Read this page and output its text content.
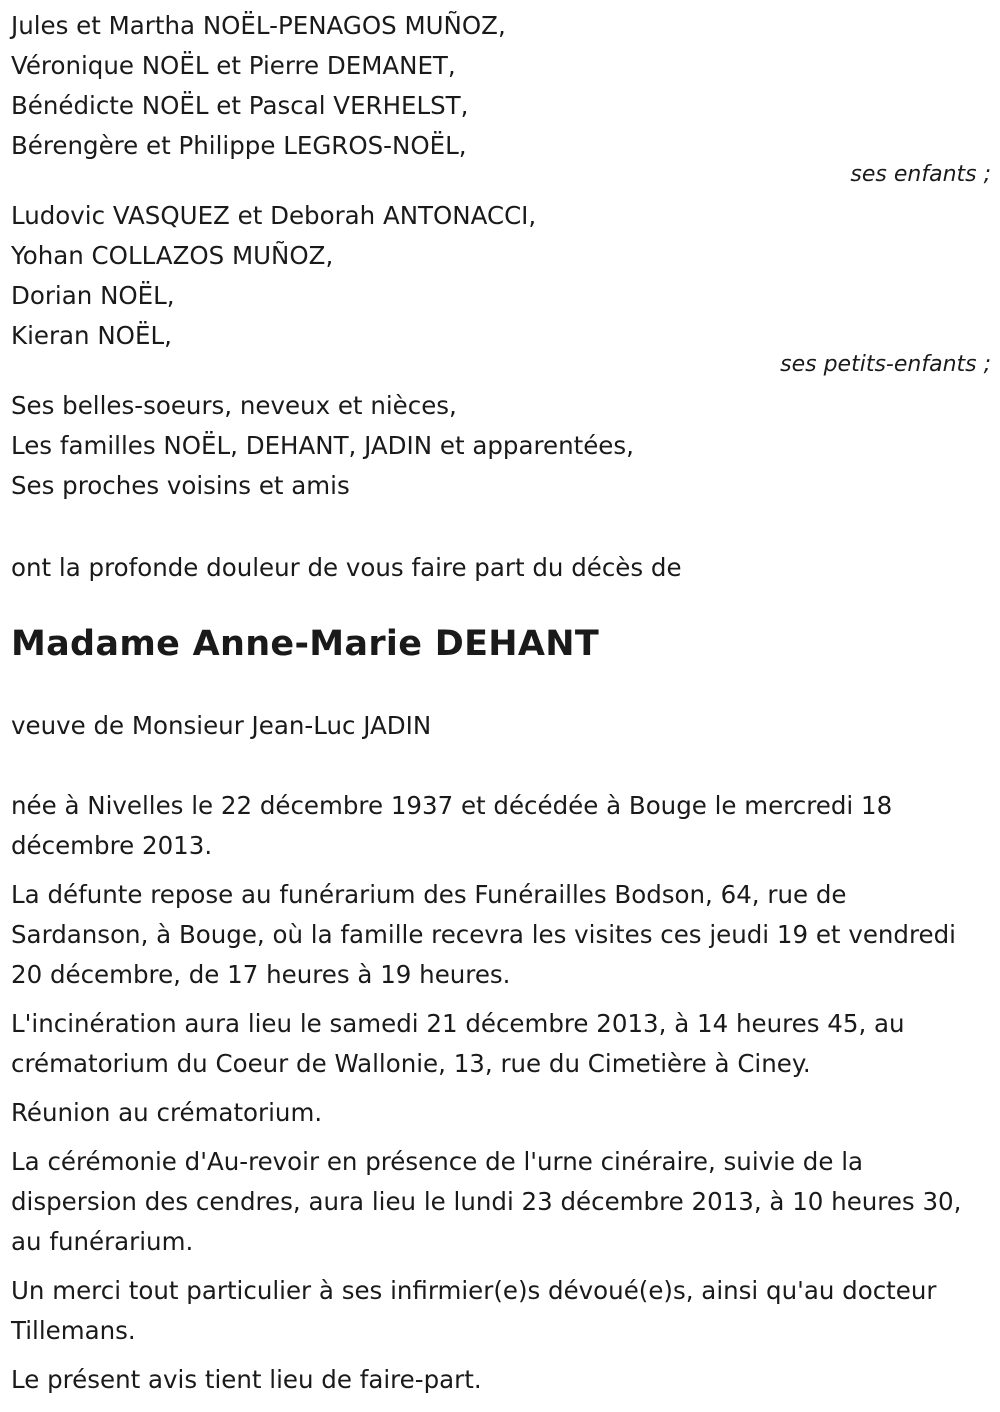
Jules et Martha NOËL-PENAGOS MUÑOZ,

Véronique NOËL et Pierre DEMANET,

Bénédicte NOËL et Pascal VERHELST,

Bérengère et Philippe LEGROS-NOËL,

ses enfants ;

Ludovic VASQUEZ et Deborah ANTONACCI,

Yohan COLLAZOS MUÑOZ,

Dorian NOËL,

Kieran NOËL,

ses petits-enfants ;

Ses belles-soeurs, neveux et nièces,

Les familles NOËL, DEHANT, JADIN et apparentées,

Ses proches voisins et amis

ont la profonde douleur de vous faire part du décès de

Madame Anne-Marie DEHANT

veuve de Monsieur Jean-Luc JADIN

née à Nivelles le 22 décembre 1937 et décédée à Bouge le mercredi 18 décembre 2013.

La défunte repose au funérarium des Funérailles Bodson, 64, rue de Sardanson, à Bouge, où la famille recevra les visites ces jeudi 19 et vendredi 20 décembre, de 17 heures à 19 heures.

L'incinération aura lieu le samedi 21 décembre 2013, à 14 heures 45, au crématorium du Coeur de Wallonie, 13, rue du Cimetière à Ciney.

Réunion au crématorium.

La cérémonie d'Au-revoir en présence de l'urne cinéraire, suivie de la dispersion des cendres, aura lieu le lundi 23 décembre 2013, à 10 heures 30, au funérarium.

Un merci tout particulier à ses infirmier(e)s dévoué(e)s, ainsi qu'au docteur Tillemans.

Le présent avis tient lieu de faire-part.
